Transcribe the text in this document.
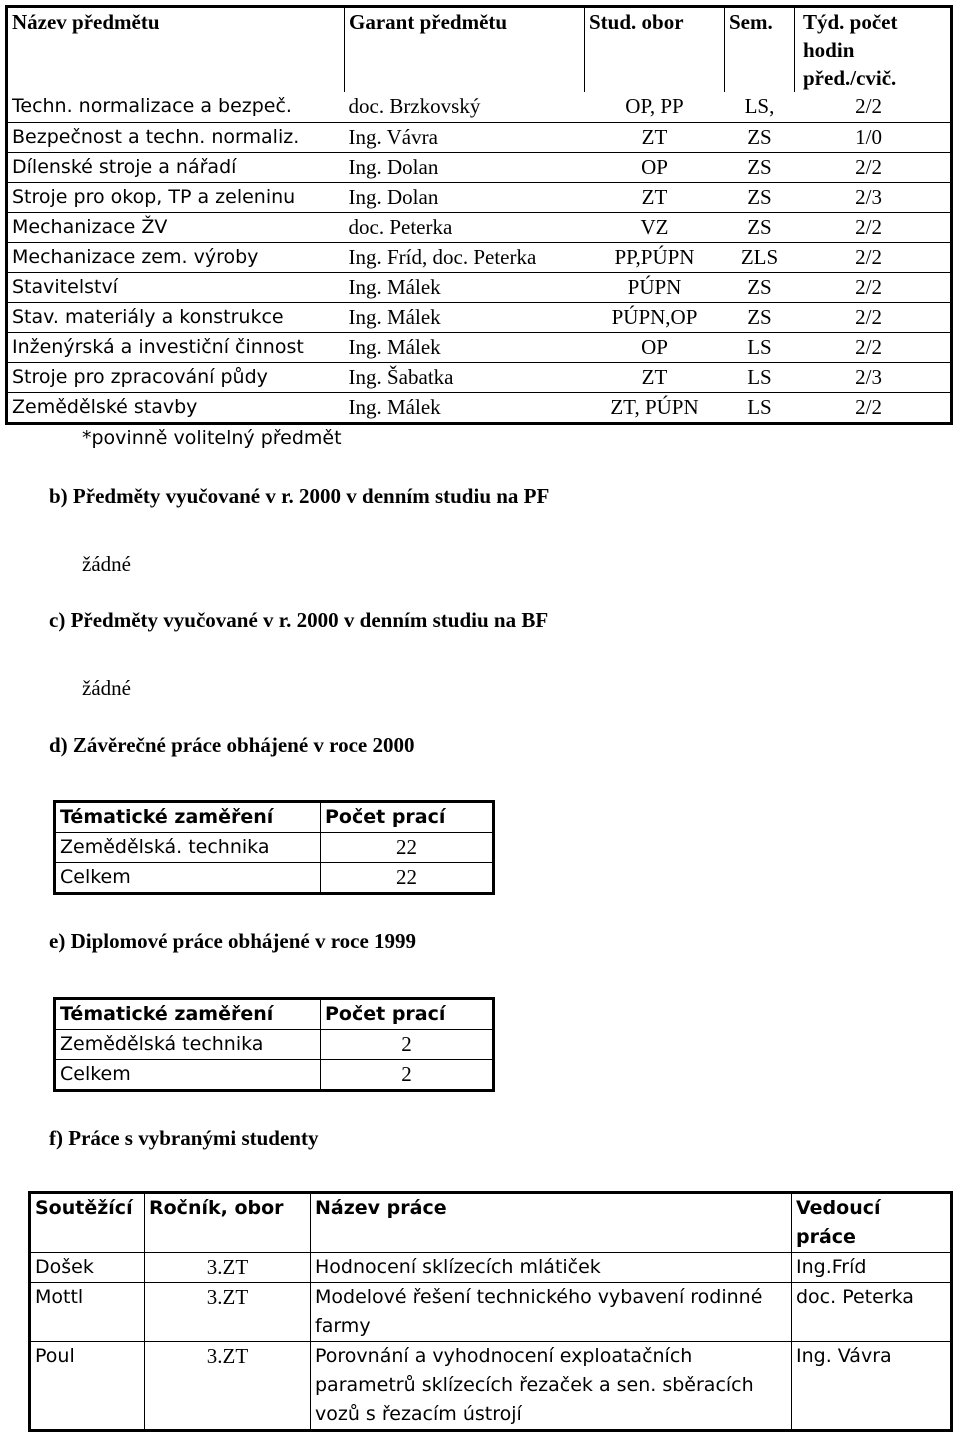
Název předmětu	Garant předmětu	Stud. obor	Sem.	Týd. počet hodin před./cvič.

Techn. normalizace a bezpeč.	doc. Brzkovský	OP, PP	LS,	2/2
Bezpečnost a techn. normaliz.	Ing. Vávra	ZT	ZS	1/0
Dílenské stroje a nářadí	Ing. Dolan	OP	ZS	2/2
Stroje pro okop, TP a zeleninu	Ing. Dolan	ZT	ZS	2/3
Mechanizace ŽV	doc. Peterka	VZ	ZS	2/2
Mechanizace zem. výroby	Ing. Fríd, doc. Peterka	PP,PÚPN	ZLS	2/2
Stavitelství	Ing. Málek	PÚPN	ZS	2/2
Stav. materiály a konstrukce	Ing. Málek	PÚPN,OP	ZS	2/2
Inženýrská a investiční činnost	Ing. Málek	OP	LS	2/2
Stroje pro zpracování půdy	Ing. Šabatka	ZT	LS	2/3
Zemědělské stavby	Ing. Málek	ZT, PÚPN	LS	2/2
*povinně volitelný předmět
b) Předměty vyučované v r. 2000 v denním studiu na PF
žádné
c) Předměty vyučované v r. 2000 v denním studiu na BF
žádné
d) Závěrečné práce obhájené v roce 2000
Tématické zaměření	Počet prací
Zemědělská. technika	22
Celkem	22
e) Diplomové práce obhájené v roce 1999
Tématické zaměření	Počet prací
Zemědělská technika	2
Celkem	2
f) Práce s vybranými studenty
Soutěžící	Ročník, obor	Název práce	Vedoucí práce
Došek	3.ZT	Hodnocení sklízecích mlátiček	Ing.Fríd
Mottl	3.ZT	Modelové řešení technického vybavení rodinné farmy	doc. Peterka
Poul	3.ZT	Porovnání a vyhodnocení exploatačních parametrů sklízecích řezaček a sen. sběracích vozů s řezacím ústrojí	Ing. Vávra
